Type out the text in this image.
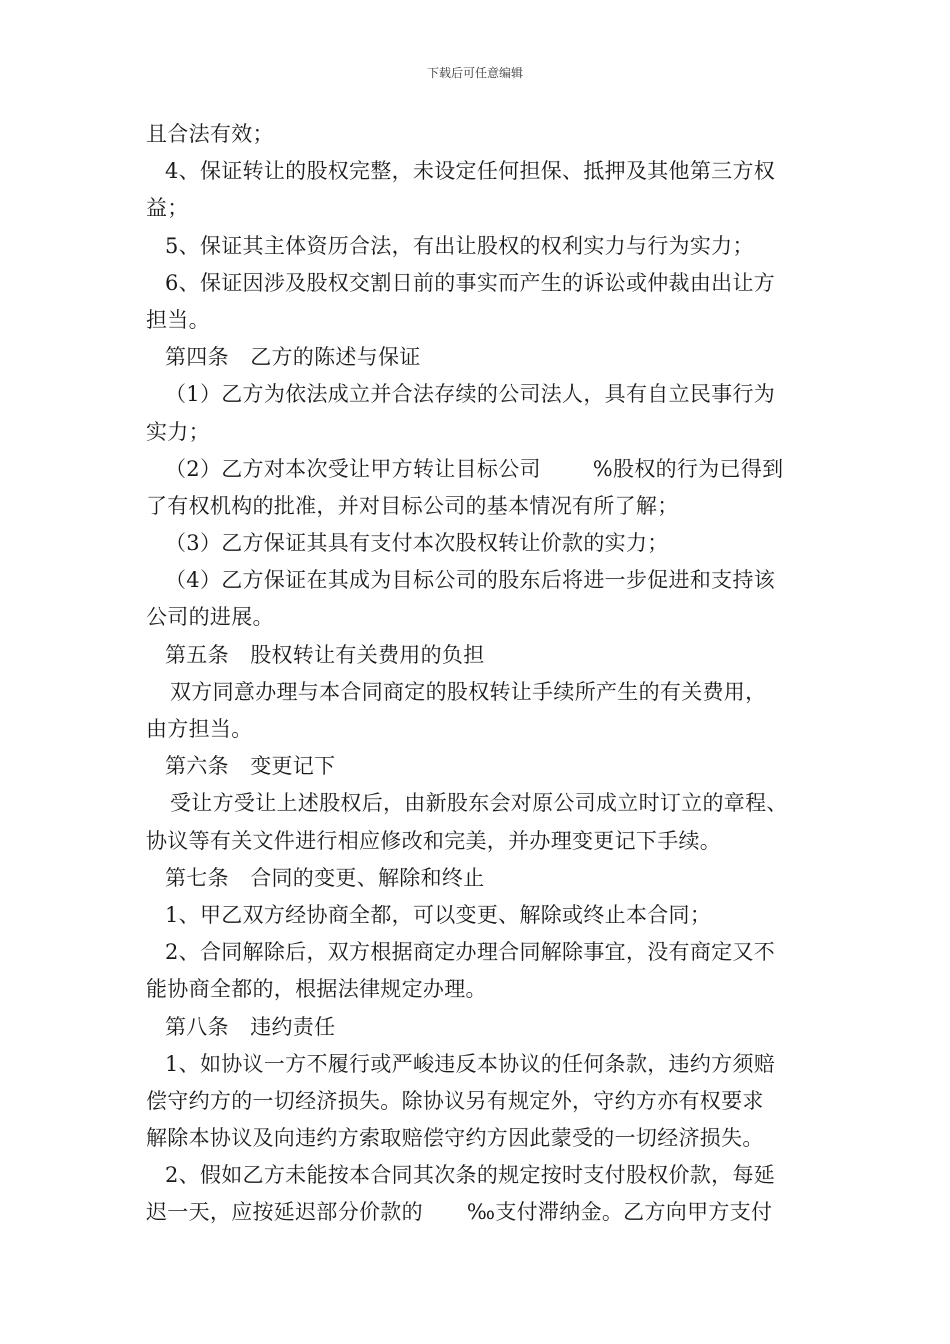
下载后可任意编辑
且合法有效；
4、保证转让的股权完整，未设定任何担保、抵押及其他第三方权
益；
5、保证其主体资历合法，有出让股权的权利实力与行为实力；
6、保证因涉及股权交割日前的事实而产生的诉讼或仲裁由出让方
担当。
第四条　乙方的陈述与保证
（1）乙方为依法成立并合法存续的公司法人，具有自立民事行为
实力；
（2）乙方对本次受让甲方转让目标公司 %股权的行为已得到
了有权机构的批准，并对目标公司的基本情况有所了解；
（3）乙方保证其具有支付本次股权转让价款的实力；
（4）乙方保证在其成为目标公司的股东后将进一步促进和支持该
公司的进展。
第五条　股权转让有关费用的负担
双方同意办理与本合同商定的股权转让手续所产生的有关费用，
由方担当。
第六条　变更记下
受让方受让上述股权后，由新股东会对原公司成立时订立的章程、
协议等有关文件进行相应修改和完美，并办理变更记下手续。
第七条　合同的变更、解除和终止
1、甲乙双方经协商全都，可以变更、解除或终止本合同；
2、合同解除后，双方根据商定办理合同解除事宜，没有商定又不
能协商全都的，根据法律规定办理。
第八条　违约责任
1、如协议一方不履行或严峻违反本协议的任何条款，违约方须赔
偿守约方的一切经济损失。除协议另有规定外，守约方亦有权要求
解除本协议及向违约方索取赔偿守约方因此蒙受的一切经济损失。
2、假如乙方未能按本合同其次条的规定按时支付股权价款，每延
迟一天，应按延迟部分价款的 ‰支付滞纳金。乙方向甲方支付
